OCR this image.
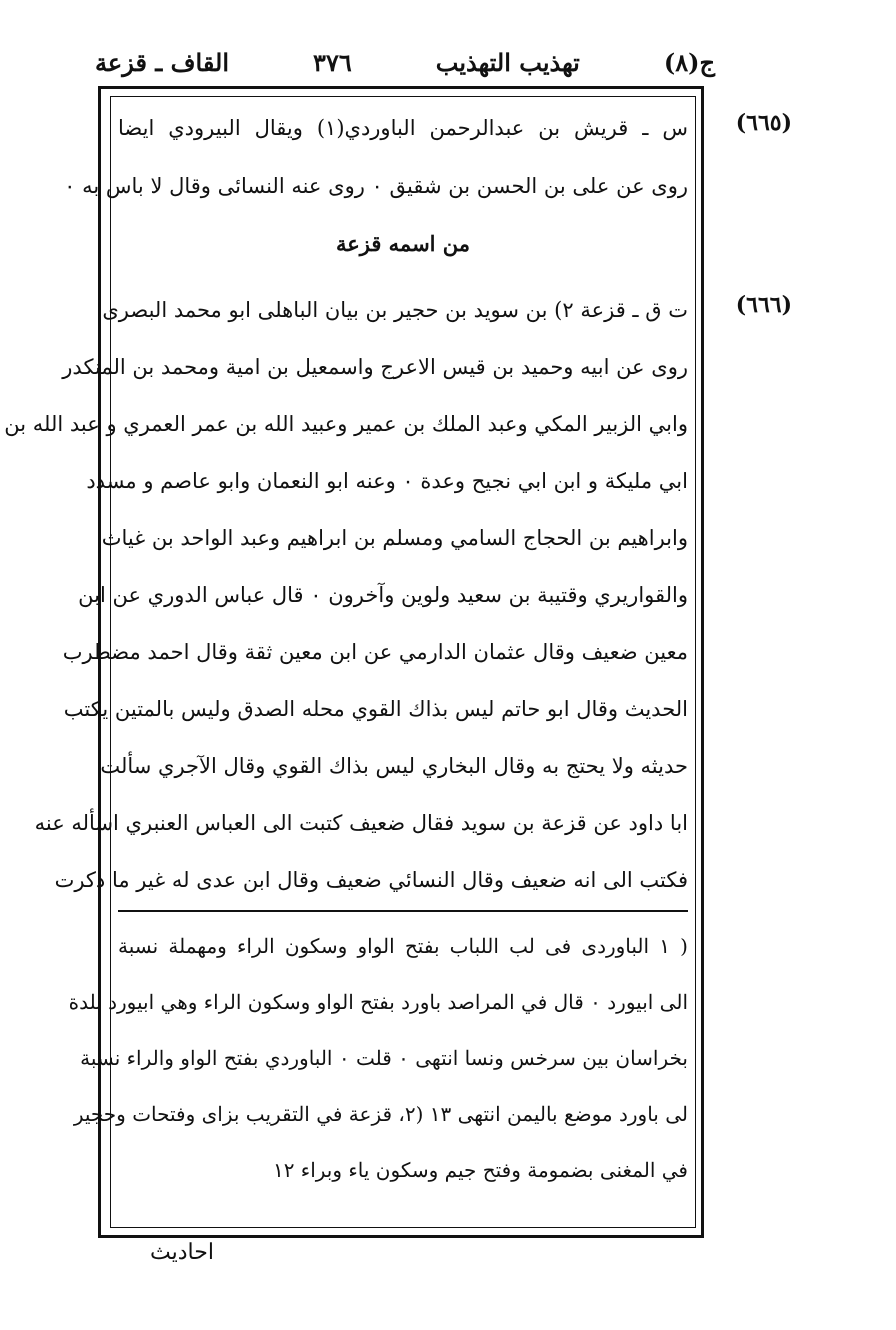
ج(٨)
تهذيب التهذيب
٣٧٦
القاف ـ قزعة
(٦٦٥)
(٦٦٦)
س ـ قريش بن عبدالرحمن الباوردي(١) ويقال البيرودي ايضا
روى عن على بن الحسن بن شقيق ٠ روى عنه النسائى وقال لا باس به ٠
من اسمه قزعة
ت ق ـ قزعة ٢) بن سويد بن حجير بن بيان الباهلى ابو محمد البصرى
روى عن ابيه وحميد بن قيس الاعرج واسمعيل بن امية ومحمد بن المنكدر
وابي الزبير المكي وعبد الملك بن عمير وعبيد الله بن عمر العمري و عبد الله بن
ابي مليكة و ابن ابي نجيح وعدة ٠ وعنه ابو النعمان وابو عاصم و مسدد
وابراهيم بن الحجاج السامي ومسلم بن ابراهيم وعبد الواحد بن غياث
والقواريري وقتيبة بن سعيد ولوين وآخرون ٠ قال عباس الدوري عن ابن
معين ضعيف وقال عثمان الدارمي عن ابن معين ثقة وقال احمد مضطرب
الحديث وقال ابو حاتم ليس بذاك القوي محله الصدق وليس بالمتين يكتب
حديثه ولا يحتج به وقال البخاري ليس بذاك القوي وقال الآجري سألت
ابا داود عن قزعة بن سويد فقال ضعيف كتبت الى العباس العنبري اسأله عنه
فكتب الى انه ضعيف وقال النسائي ضعيف وقال ابن عدى له غير ما ذكرت
( ١ الباوردى فى لب اللباب بفتح الواو وسكون الراء ومهملة نسبة
الى ابيورد ٠ قال في المراصد باورد بفتح الواو وسكون الراء وهي ابيورد بلدة
بخراسان بين سرخس ونسا انتهى ٠ قلت ٠ الباوردي بفتح الواو والراء نسبة
لى باورد موضع باليمن انتهى ١٣ (٢، قزعة في التقريب بزاى وفتحات وحجير
في المغنى بضمومة وفتح جيم وسكون ياء وبراء ١٢
احاديث
